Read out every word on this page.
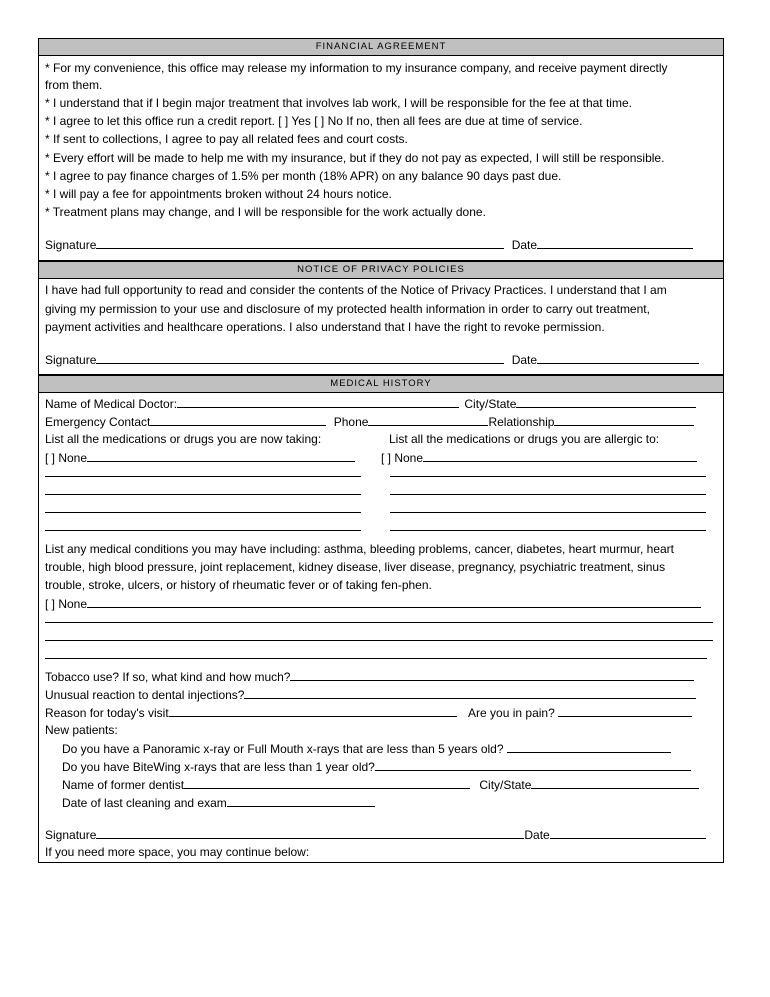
FINANCIAL AGREEMENT
* For my convenience, this office may release my information to my insurance company, and receive payment directly
from them.
* I understand that if I begin major treatment that involves lab work, I will be responsible for the fee at that time.
* I agree to let this office run a credit report. [ ] Yes [ ] No If no, then all fees are due at time of service.
* If sent to collections, I agree to pay all related fees and court costs.
* Every effort will be made to help me with my insurance, but if they do not pay as expected, I will still be responsible.
* I agree to pay finance charges of 1.5% per month (18% APR) on any balance 90 days past due.
* I will pay a fee for appointments broken without 24 hours notice.
* Treatment plans may change, and I will be responsible for the work actually done.
Signature	Date
NOTICE OF PRIVACY POLICIES
I have had full opportunity to read and consider the contents of the Notice of Privacy Practices. I understand that I am
giving my permission to your use and disclosure of my protected health information in order to carry out treatment,
payment activities and healthcare operations. I also understand that I have the right to revoke permission.
Signature	Date
MEDICAL HISTORY
Name of Medical Doctor:	City/State
Emergency Contact	Phone	Relationship
List all the medications or drugs you are now taking:	List all the medications or drugs you are allergic to:
[ ] None	[ ] None
List any medical conditions you may have including: asthma, bleeding problems, cancer, diabetes, heart murmur, heart
trouble, high blood pressure, joint replacement, kidney disease, liver disease, pregnancy, psychiatric treatment, sinus
trouble, stroke, ulcers, or history of rheumatic fever or of taking fen-phen.
[ ] None
Tobacco use? If so, what kind and how much?
Unusual reaction to dental injections?
Reason for today's visit	Are you in pain?
New patients:
Do you have a Panoramic x-ray or Full Mouth x-rays that are less than 5 years old?
Do you have BiteWing x-rays that are less than 1 year old?
Name of former dentist	City/State
Date of last cleaning and exam
Signature	Date
If you need more space, you may continue below:
